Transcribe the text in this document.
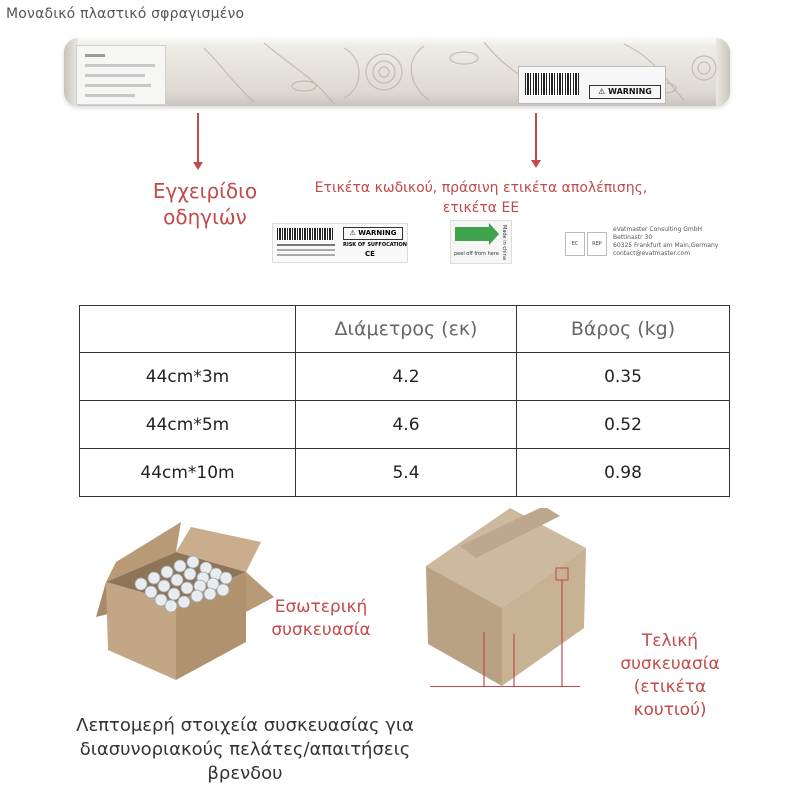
Μοναδικό πλαστικό σφραγισμένο
⚠ WARNING
Εγχειρίδιο οδηγιών
Ετικέτα κωδικού, πράσινη ετικέτα απολέπισης, ετικέτα ΕΕ
⚠ WARNING
RISK OF SUFFOCATION
CE	peel off from here Made in china	EC	REP
eVatmaster Consulting GmbH
Bettinastr 30
60325 Frankfurt am Main,Germany
contact@evatmaster.com
	Διάμετρος (εκ)	Βάρος (kg)
44cm*3m	4.2	0.35
44cm*5m	4.6	0.52
44cm*10m	5.4	0.98
Εσωτερική συσκευασία
Τελική συσκευασία (ετικέτα κουτιού)
Λεπτομερή στοιχεία συσκευασίας για διασυνοριακούς πελάτες/απαιτήσεις βρενδου
